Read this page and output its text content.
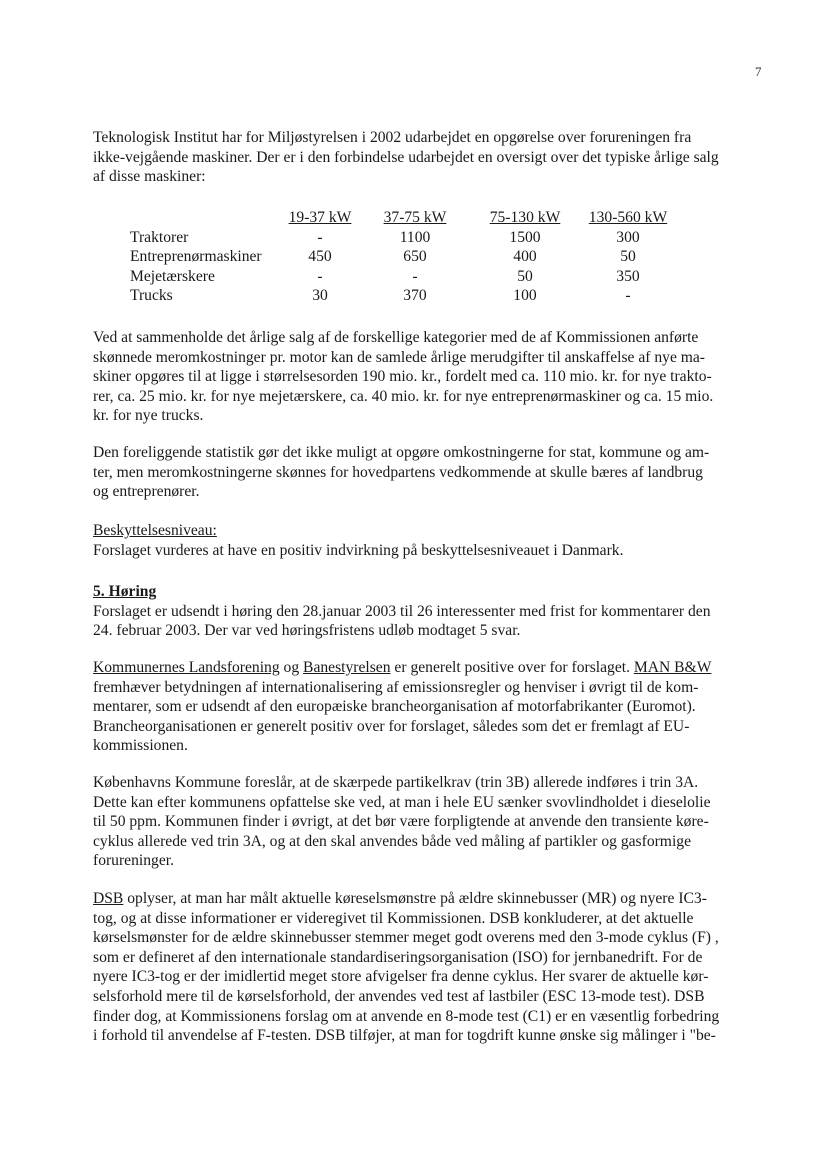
7

Teknologisk Institut har for Miljøstyrelsen i 2002 udarbejdet en opgørelse over forureningen fra
ikke-vejgående maskiner. Der er i den forbindelse udarbejdet en oversigt over det typiske årlige salg
af disse maskiner:

	19-37 kW	37-75 kW	75-130 kW	130-560 kW
Traktorer	-	1100	1500	300
Entreprenørmaskiner	450	650	400	50
Mejetærskere	-	-	50	350
Trucks	30	370	100	-

Ved at sammenholde det årlige salg af de forskellige kategorier med de af Kommissionen anførte
skønnede meromkostninger pr. motor kan de samlede årlige merudgifter til anskaffelse af nye ma-
skiner opgøres til at ligge i størrelsesorden 190 mio. kr., fordelt med ca. 110 mio. kr. for nye trakto-
rer, ca. 25 mio. kr. for nye mejetærskere, ca. 40 mio. kr. for nye entreprenørmaskiner og ca. 15 mio.
kr. for nye trucks.

Den foreliggende statistik gør det ikke muligt at opgøre omkostningerne for stat, kommune og am-
ter, men meromkostningerne skønnes for hovedpartens vedkommende at skulle bæres af landbrug
og entreprenører.

Beskyttelsesniveau:
Forslaget vurderes at have en positiv indvirkning på beskyttelsesniveauet i Danmark.

5. Høring
Forslaget er udsendt i høring den 28.januar 2003 til 26 interessenter med frist for kommentarer den
24. februar 2003. Der var ved høringsfristens udløb modtaget 5 svar.

Kommunernes Landsforening og Banestyrelsen er generelt positive over for forslaget. MAN B&W
fremhæver betydningen af internationalisering af emissionsregler og henviser i øvrigt til de kom-
mentarer, som er udsendt af den europæiske brancheorganisation af motorfabrikanter (Euromot).
Brancheorganisationen er generelt positiv over for forslaget, således som det er fremlagt af EU-
kommissionen.

Københavns Kommune foreslår, at de skærpede partikelkrav (trin 3B) allerede indføres i trin 3A.
Dette kan efter kommunens opfattelse ske ved, at man i hele EU sænker svovlindholdet i dieselolie
til 50 ppm. Kommunen finder i øvrigt, at det bør være forpligtende at anvende den transiente køre-
cyklus allerede ved trin 3A, og at den skal anvendes både ved måling af partikler og gasformige
forureninger.

DSB oplyser, at man har målt aktuelle køreselsmønstre på ældre skinnebusser (MR) og nyere IC3-
tog, og at disse informationer er videregivet til Kommissionen. DSB konkluderer, at det aktuelle
kørselsmønster for de ældre skinnebusser stemmer meget godt overens med den 3-mode cyklus (F) ,
som er defineret af den internationale standardiseringsorganisation (ISO) for jernbanedrift. For de
nyere IC3-tog er der imidlertid meget store afvigelser fra denne cyklus. Her svarer de aktuelle kør-
selsforhold mere til de kørselsforhold, der anvendes ved test af lastbiler (ESC 13-mode test). DSB
finder dog, at Kommissionens forslag om at anvende en 8-mode test (C1) er en væsentlig forbedring
i forhold til anvendelse af F-testen. DSB tilføjer, at man for togdrift kunne ønske sig målinger i "be-
